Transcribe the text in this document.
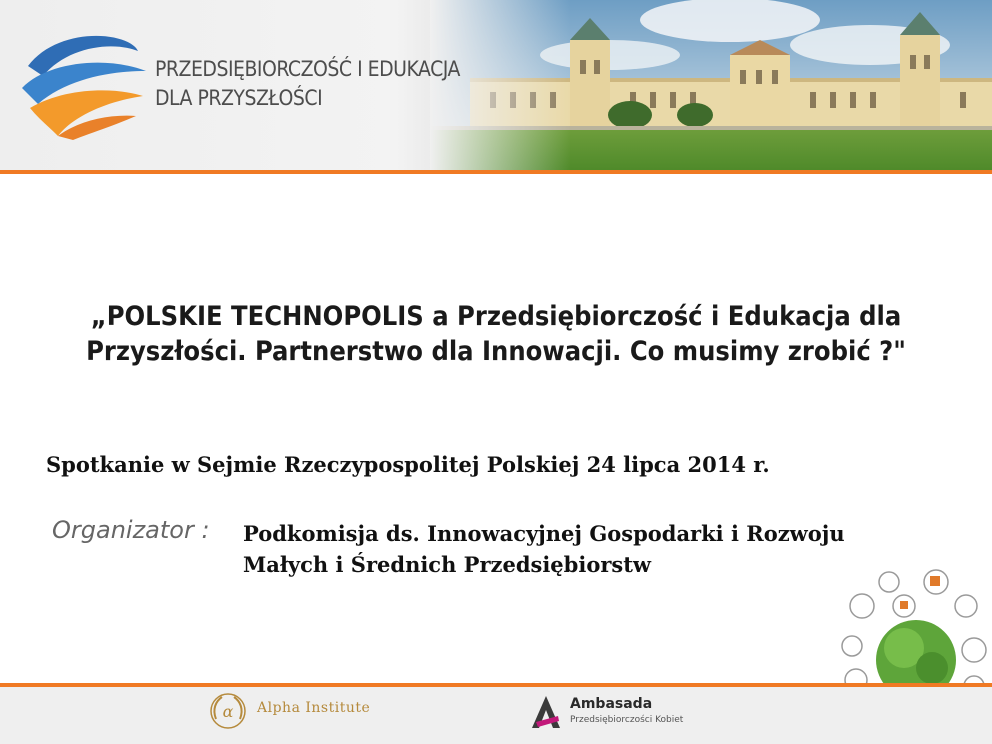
PRZEDSIĘBIORCZOŚĆ I EDUKACJA
DLA PRZYSZŁOŚCI
„POLSKIE TECHNOPOLIS a Przedsiębiorczość i Edukacja dla
Przyszłości. Partnerstwo dla Innowacji. Co musimy zrobić ?"
Spotkanie w Sejmie Rzeczypospolitej Polskiej 24 lipca 2014 r.
Organizator : Podkomisja ds. Innowacyjnej Gospodarki i Rozwoju
Małych i Średnich Przedsiębiorstw
α Alpha Institute	Ambasada
Przedsiębiorczości Kobiet
